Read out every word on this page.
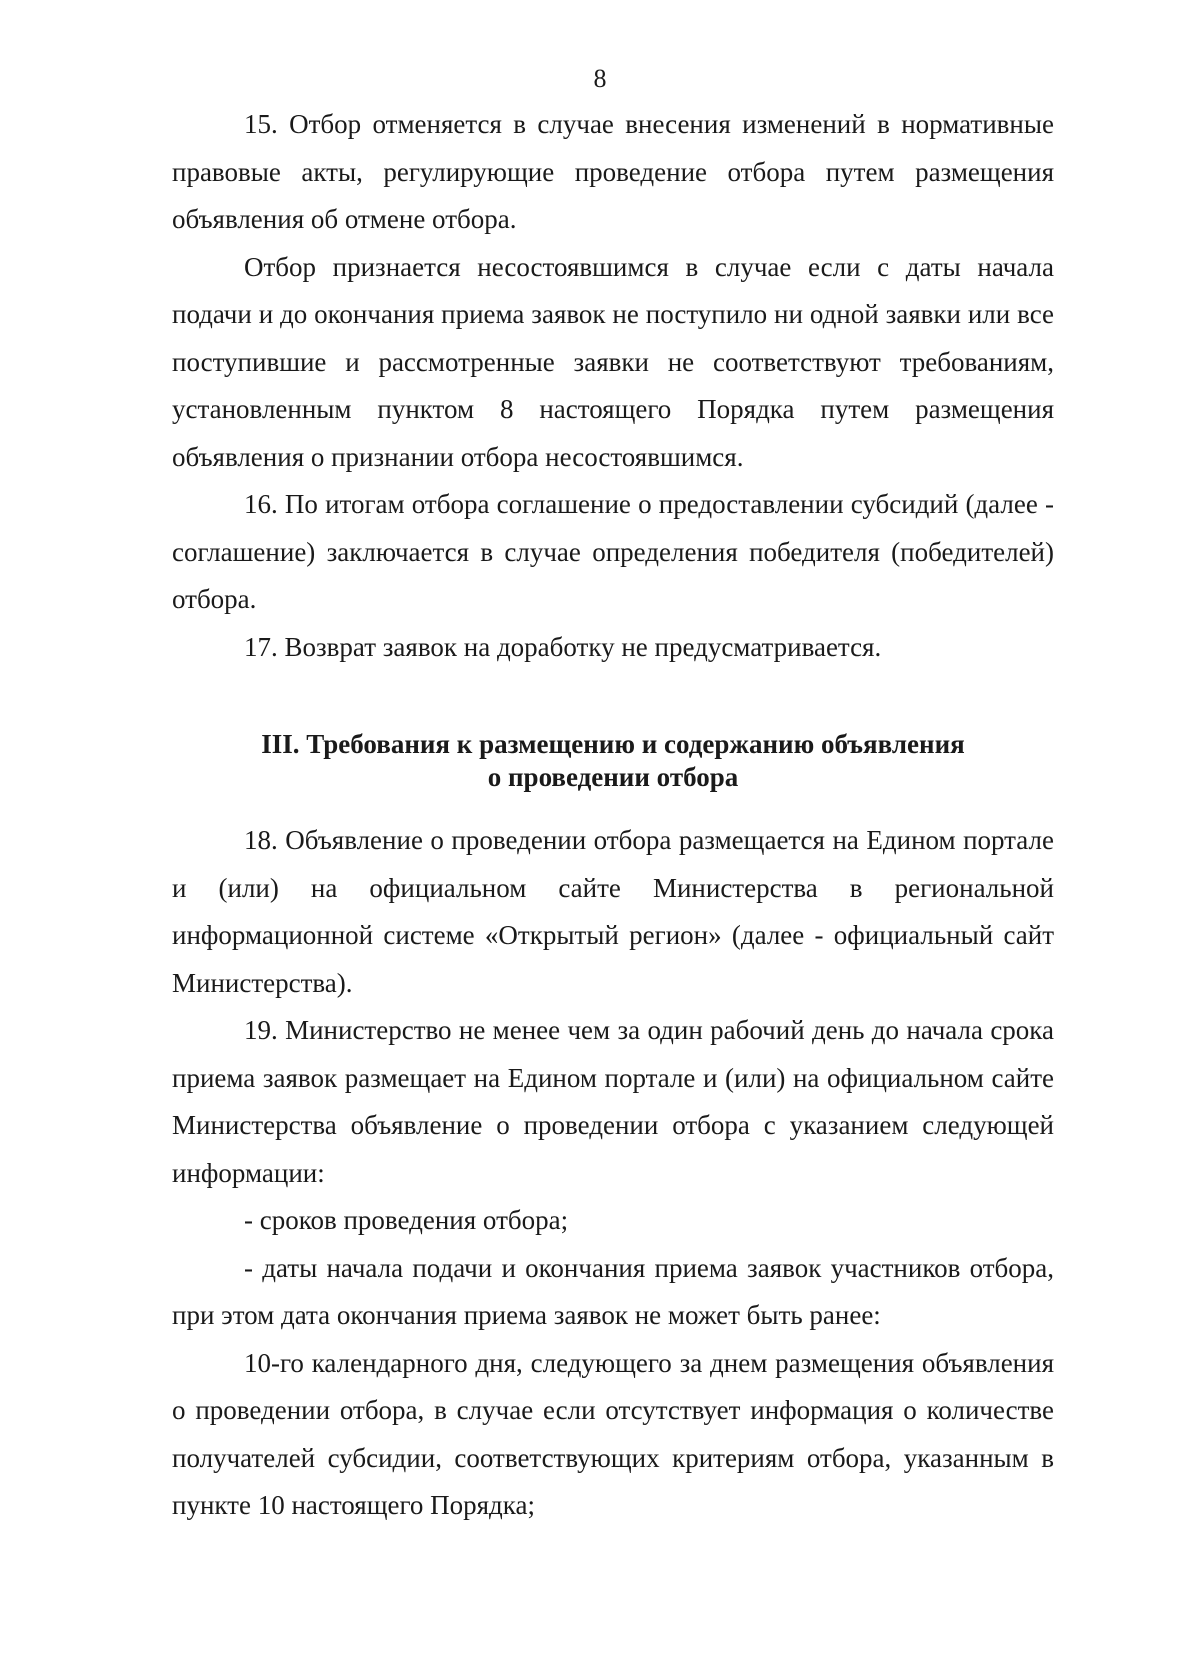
8

15. Отбор отменяется в случае внесения изменений в нормативные правовые акты, регулирующие проведение отбора путем размещения объявления об отмене отбора.

Отбор признается несостоявшимся в случае если с даты начала подачи и до окончания приема заявок не поступило ни одной заявки или все поступившие и рассмотренные заявки не соответствуют требованиям, установленным пунктом 8 настоящего Порядка путем размещения объявления о признании отбора несостоявшимся.

16. По итогам отбора соглашение о предоставлении субсидий (далее - соглашение) заключается в случае определения победителя (победителей) отбора.

17. Возврат заявок на доработку не предусматривается.

III. Требования к размещению и содержанию объявления
о проведении отбора

18. Объявление о проведении отбора размещается на Едином портале и (или) на официальном сайте Министерства в региональной информационной системе «Открытый регион» (далее - официальный сайт Министерства).

19. Министерство не менее чем за один рабочий день до начала срока приема заявок размещает на Едином портале и (или) на официальном сайте Министерства объявление о проведении отбора с указанием следующей информации:

- сроков проведения отбора;

- даты начала подачи и окончания приема заявок участников отбора, при этом дата окончания приема заявок не может быть ранее:

10-го календарного дня, следующего за днем размещения объявления о проведении отбора, в случае если отсутствует информация о количестве получателей субсидии, соответствующих критериям отбора, указанным в пункте 10 настоящего Порядка;
